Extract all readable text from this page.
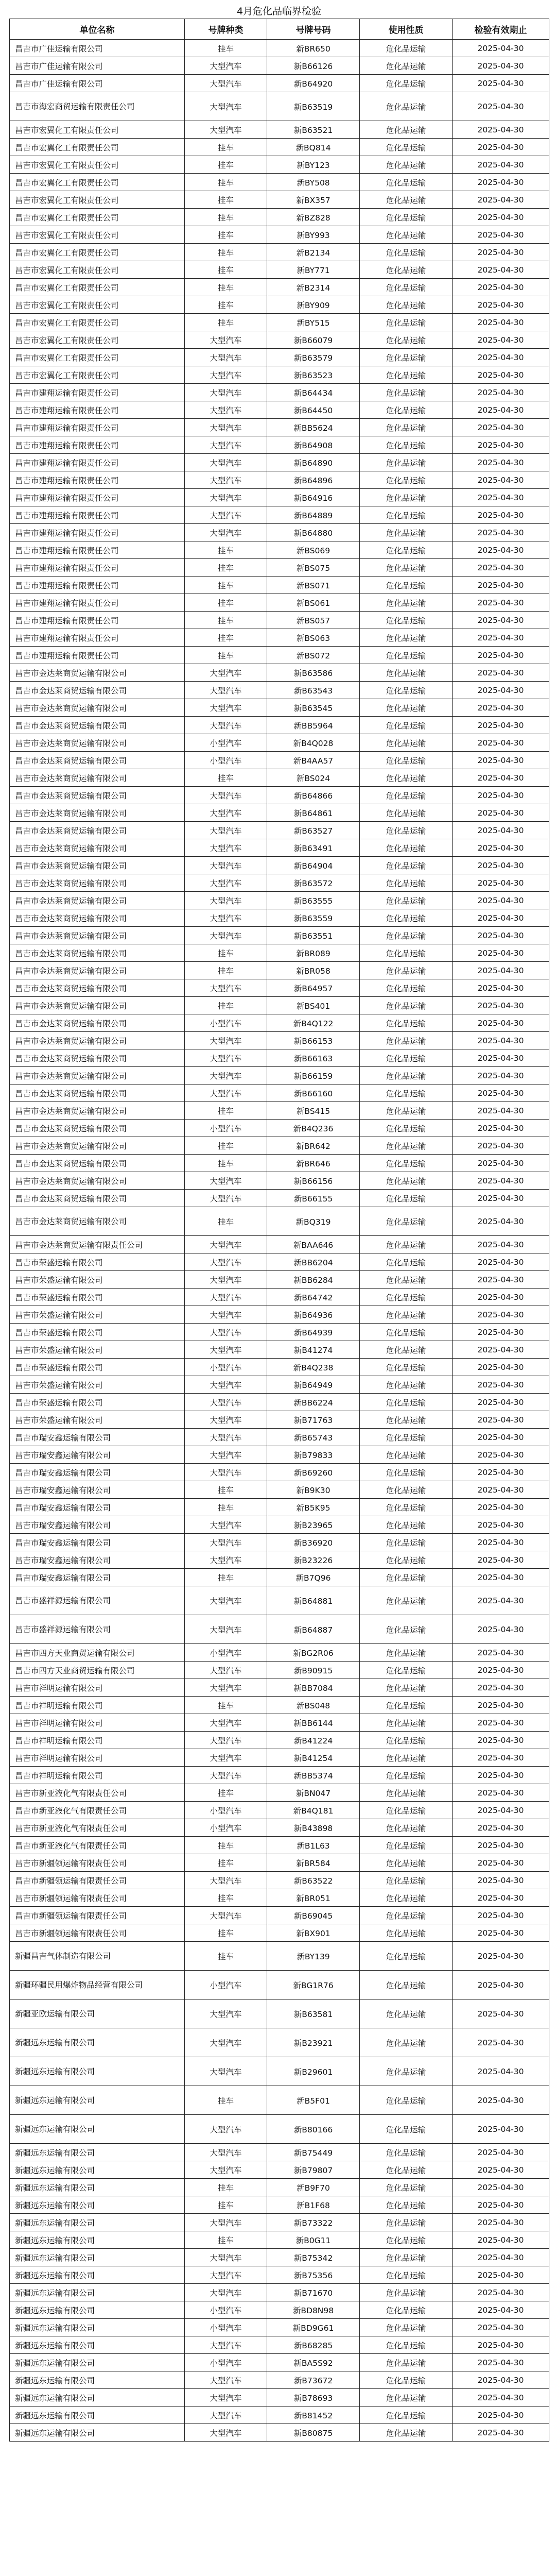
4月危化品临界检验
单位名称	号牌种类	号牌号码	使用性质	检验有效期止
昌吉市广佳运输有限公司	挂车	新BR650	危化品运输	2025-04-30
昌吉市广佳运输有限公司	大型汽车	新B66126	危化品运输	2025-04-30
昌吉市广佳运输有限公司	大型汽车	新B64920	危化品运输	2025-04-30
昌吉市海宏商贸运输有限责任公司	大型汽车	新B63519	危化品运输	2025-04-30
昌吉市宏翼化工有限责任公司	大型汽车	新B63521	危化品运输	2025-04-30
昌吉市宏翼化工有限责任公司	挂车	新BQ814	危化品运输	2025-04-30
昌吉市宏翼化工有限责任公司	挂车	新BY123	危化品运输	2025-04-30
昌吉市宏翼化工有限责任公司	挂车	新BY508	危化品运输	2025-04-30
昌吉市宏翼化工有限责任公司	挂车	新BX357	危化品运输	2025-04-30
昌吉市宏翼化工有限责任公司	挂车	新BZ828	危化品运输	2025-04-30
昌吉市宏翼化工有限责任公司	挂车	新BY993	危化品运输	2025-04-30
昌吉市宏翼化工有限责任公司	挂车	新B2134	危化品运输	2025-04-30
昌吉市宏翼化工有限责任公司	挂车	新BY771	危化品运输	2025-04-30
昌吉市宏翼化工有限责任公司	挂车	新B2314	危化品运输	2025-04-30
昌吉市宏翼化工有限责任公司	挂车	新BY909	危化品运输	2025-04-30
昌吉市宏翼化工有限责任公司	挂车	新BY515	危化品运输	2025-04-30
昌吉市宏翼化工有限责任公司	大型汽车	新B66079	危化品运输	2025-04-30
昌吉市宏翼化工有限责任公司	大型汽车	新B63579	危化品运输	2025-04-30
昌吉市宏翼化工有限责任公司	大型汽车	新B63523	危化品运输	2025-04-30
昌吉市建翔运输有限责任公司	大型汽车	新B64434	危化品运输	2025-04-30
昌吉市建翔运输有限责任公司	大型汽车	新B64450	危化品运输	2025-04-30
昌吉市建翔运输有限责任公司	大型汽车	新BB5624	危化品运输	2025-04-30
昌吉市建翔运输有限责任公司	大型汽车	新B64908	危化品运输	2025-04-30
昌吉市建翔运输有限责任公司	大型汽车	新B64890	危化品运输	2025-04-30
昌吉市建翔运输有限责任公司	大型汽车	新B64896	危化品运输	2025-04-30
昌吉市建翔运输有限责任公司	大型汽车	新B64916	危化品运输	2025-04-30
昌吉市建翔运输有限责任公司	大型汽车	新B64889	危化品运输	2025-04-30
昌吉市建翔运输有限责任公司	大型汽车	新B64880	危化品运输	2025-04-30
昌吉市建翔运输有限责任公司	挂车	新BS069	危化品运输	2025-04-30
昌吉市建翔运输有限责任公司	挂车	新BS075	危化品运输	2025-04-30
昌吉市建翔运输有限责任公司	挂车	新BS071	危化品运输	2025-04-30
昌吉市建翔运输有限责任公司	挂车	新BS061	危化品运输	2025-04-30
昌吉市建翔运输有限责任公司	挂车	新BS057	危化品运输	2025-04-30
昌吉市建翔运输有限责任公司	挂车	新BS063	危化品运输	2025-04-30
昌吉市建翔运输有限责任公司	挂车	新BS072	危化品运输	2025-04-30
昌吉市金达莱商贸运输有限公司	大型汽车	新B63586	危化品运输	2025-04-30
昌吉市金达莱商贸运输有限公司	大型汽车	新B63543	危化品运输	2025-04-30
昌吉市金达莱商贸运输有限公司	大型汽车	新B63545	危化品运输	2025-04-30
昌吉市金达莱商贸运输有限公司	大型汽车	新BB5964	危化品运输	2025-04-30
昌吉市金达莱商贸运输有限公司	小型汽车	新B4Q028	危化品运输	2025-04-30
昌吉市金达莱商贸运输有限公司	小型汽车	新B4AA57	危化品运输	2025-04-30
昌吉市金达莱商贸运输有限公司	挂车	新BS024	危化品运输	2025-04-30
昌吉市金达莱商贸运输有限公司	大型汽车	新B64866	危化品运输	2025-04-30
昌吉市金达莱商贸运输有限公司	大型汽车	新B64861	危化品运输	2025-04-30
昌吉市金达莱商贸运输有限公司	大型汽车	新B63527	危化品运输	2025-04-30
昌吉市金达莱商贸运输有限公司	大型汽车	新B63491	危化品运输	2025-04-30
昌吉市金达莱商贸运输有限公司	大型汽车	新B64904	危化品运输	2025-04-30
昌吉市金达莱商贸运输有限公司	大型汽车	新B63572	危化品运输	2025-04-30
昌吉市金达莱商贸运输有限公司	大型汽车	新B63555	危化品运输	2025-04-30
昌吉市金达莱商贸运输有限公司	大型汽车	新B63559	危化品运输	2025-04-30
昌吉市金达莱商贸运输有限公司	大型汽车	新B63551	危化品运输	2025-04-30
昌吉市金达莱商贸运输有限公司	挂车	新BR089	危化品运输	2025-04-30
昌吉市金达莱商贸运输有限公司	挂车	新BR058	危化品运输	2025-04-30
昌吉市金达莱商贸运输有限公司	大型汽车	新B64957	危化品运输	2025-04-30
昌吉市金达莱商贸运输有限公司	挂车	新BS401	危化品运输	2025-04-30
昌吉市金达莱商贸运输有限公司	小型汽车	新B4Q122	危化品运输	2025-04-30
昌吉市金达莱商贸运输有限公司	大型汽车	新B66153	危化品运输	2025-04-30
昌吉市金达莱商贸运输有限公司	大型汽车	新B66163	危化品运输	2025-04-30
昌吉市金达莱商贸运输有限公司	大型汽车	新B66159	危化品运输	2025-04-30
昌吉市金达莱商贸运输有限公司	大型汽车	新B66160	危化品运输	2025-04-30
昌吉市金达莱商贸运输有限公司	挂车	新BS415	危化品运输	2025-04-30
昌吉市金达莱商贸运输有限公司	小型汽车	新B4Q236	危化品运输	2025-04-30
昌吉市金达莱商贸运输有限公司	挂车	新BR642	危化品运输	2025-04-30
昌吉市金达莱商贸运输有限公司	挂车	新BR646	危化品运输	2025-04-30
昌吉市金达莱商贸运输有限公司	大型汽车	新B66156	危化品运输	2025-04-30
昌吉市金达莱商贸运输有限公司	大型汽车	新B66155	危化品运输	2025-04-30
昌吉市金达莱商贸运输有限公司	挂车	新BQ319	危化品运输	2025-04-30
昌吉市金达莱商贸运输有限责任公司	大型汽车	新BAA646	危化品运输	2025-04-30
昌吉市荣盛运输有限公司	大型汽车	新BB6204	危化品运输	2025-04-30
昌吉市荣盛运输有限公司	大型汽车	新BB6284	危化品运输	2025-04-30
昌吉市荣盛运输有限公司	大型汽车	新B64742	危化品运输	2025-04-30
昌吉市荣盛运输有限公司	大型汽车	新B64936	危化品运输	2025-04-30
昌吉市荣盛运输有限公司	大型汽车	新B64939	危化品运输	2025-04-30
昌吉市荣盛运输有限公司	大型汽车	新B41274	危化品运输	2025-04-30
昌吉市荣盛运输有限公司	小型汽车	新B4Q238	危化品运输	2025-04-30
昌吉市荣盛运输有限公司	大型汽车	新B64949	危化品运输	2025-04-30
昌吉市荣盛运输有限公司	大型汽车	新BB6224	危化品运输	2025-04-30
昌吉市荣盛运输有限公司	大型汽车	新B71763	危化品运输	2025-04-30
昌吉市瑞安鑫运输有限公司	大型汽车	新B65743	危化品运输	2025-04-30
昌吉市瑞安鑫运输有限公司	大型汽车	新B79833	危化品运输	2025-04-30
昌吉市瑞安鑫运输有限公司	大型汽车	新B69260	危化品运输	2025-04-30
昌吉市瑞安鑫运输有限公司	挂车	新B9K30	危化品运输	2025-04-30
昌吉市瑞安鑫运输有限公司	挂车	新B5K95	危化品运输	2025-04-30
昌吉市瑞安鑫运输有限公司	大型汽车	新B23965	危化品运输	2025-04-30
昌吉市瑞安鑫运输有限公司	大型汽车	新B36920	危化品运输	2025-04-30
昌吉市瑞安鑫运输有限公司	大型汽车	新B23226	危化品运输	2025-04-30
昌吉市瑞安鑫运输有限公司	挂车	新B7Q96	危化品运输	2025-04-30
昌吉市盛祥源运输有限公司	大型汽车	新B64881	危化品运输	2025-04-30
昌吉市盛祥源运输有限公司	大型汽车	新B64887	危化品运输	2025-04-30
昌吉市四方天业商贸运输有限公司	小型汽车	新BG2R06	危化品运输	2025-04-30
昌吉市四方天业商贸运输有限公司	大型汽车	新B90915	危化品运输	2025-04-30
昌吉市祥明运输有限公司	大型汽车	新BB7084	危化品运输	2025-04-30
昌吉市祥明运输有限公司	挂车	新BS048	危化品运输	2025-04-30
昌吉市祥明运输有限公司	大型汽车	新BB6144	危化品运输	2025-04-30
昌吉市祥明运输有限公司	大型汽车	新B41224	危化品运输	2025-04-30
昌吉市祥明运输有限公司	大型汽车	新B41254	危化品运输	2025-04-30
昌吉市祥明运输有限公司	大型汽车	新BB5374	危化品运输	2025-04-30
昌吉市新亚液化气有限责任公司	挂车	新BN047	危化品运输	2025-04-30
昌吉市新亚液化气有限责任公司	小型汽车	新B4Q181	危化品运输	2025-04-30
昌吉市新亚液化气有限责任公司	小型汽车	新B43898	危化品运输	2025-04-30
昌吉市新亚液化气有限责任公司	挂车	新B1L63	危化品运输	2025-04-30
昌吉市新疆领运输有限责任公司	挂车	新BR584	危化品运输	2025-04-30
昌吉市新疆领运输有限责任公司	大型汽车	新B63522	危化品运输	2025-04-30
昌吉市新疆领运输有限责任公司	挂车	新BR051	危化品运输	2025-04-30
昌吉市新疆领运输有限责任公司	大型汽车	新B69045	危化品运输	2025-04-30
昌吉市新疆领运输有限责任公司	挂车	新BX901	危化品运输	2025-04-30
新疆昌吉气体制造有限公司	挂车	新BY139	危化品运输	2025-04-30
新疆环疆民用爆炸物品经营有限公司	小型汽车	新BG1R76	危化品运输	2025-04-30
新疆亚欧运输有限公司	大型汽车	新B63581	危化品运输	2025-04-30
新疆远东运输有限公司	大型汽车	新B23921	危化品运输	2025-04-30
新疆远东运输有限公司	大型汽车	新B29601	危化品运输	2025-04-30
新疆远东运输有限公司	挂车	新B5F01	危化品运输	2025-04-30
新疆远东运输有限公司	大型汽车	新B80166	危化品运输	2025-04-30
新疆远东运输有限公司	大型汽车	新B75449	危化品运输	2025-04-30
新疆远东运输有限公司	大型汽车	新B79807	危化品运输	2025-04-30
新疆远东运输有限公司	挂车	新B9F70	危化品运输	2025-04-30
新疆远东运输有限公司	挂车	新B1F68	危化品运输	2025-04-30
新疆远东运输有限公司	大型汽车	新B73322	危化品运输	2025-04-30
新疆远东运输有限公司	挂车	新B0G11	危化品运输	2025-04-30
新疆远东运输有限公司	大型汽车	新B75342	危化品运输	2025-04-30
新疆远东运输有限公司	大型汽车	新B75356	危化品运输	2025-04-30
新疆远东运输有限公司	大型汽车	新B71670	危化品运输	2025-04-30
新疆远东运输有限公司	小型汽车	新BD8N98	危化品运输	2025-04-30
新疆远东运输有限公司	小型汽车	新BD9G61	危化品运输	2025-04-30
新疆远东运输有限公司	大型汽车	新B68285	危化品运输	2025-04-30
新疆远东运输有限公司	小型汽车	新BA5S92	危化品运输	2025-04-30
新疆远东运输有限公司	大型汽车	新B73672	危化品运输	2025-04-30
新疆远东运输有限公司	大型汽车	新B78693	危化品运输	2025-04-30
新疆远东运输有限公司	大型汽车	新B81452	危化品运输	2025-04-30
新疆远东运输有限公司	大型汽车	新B80875	危化品运输	2025-04-30
